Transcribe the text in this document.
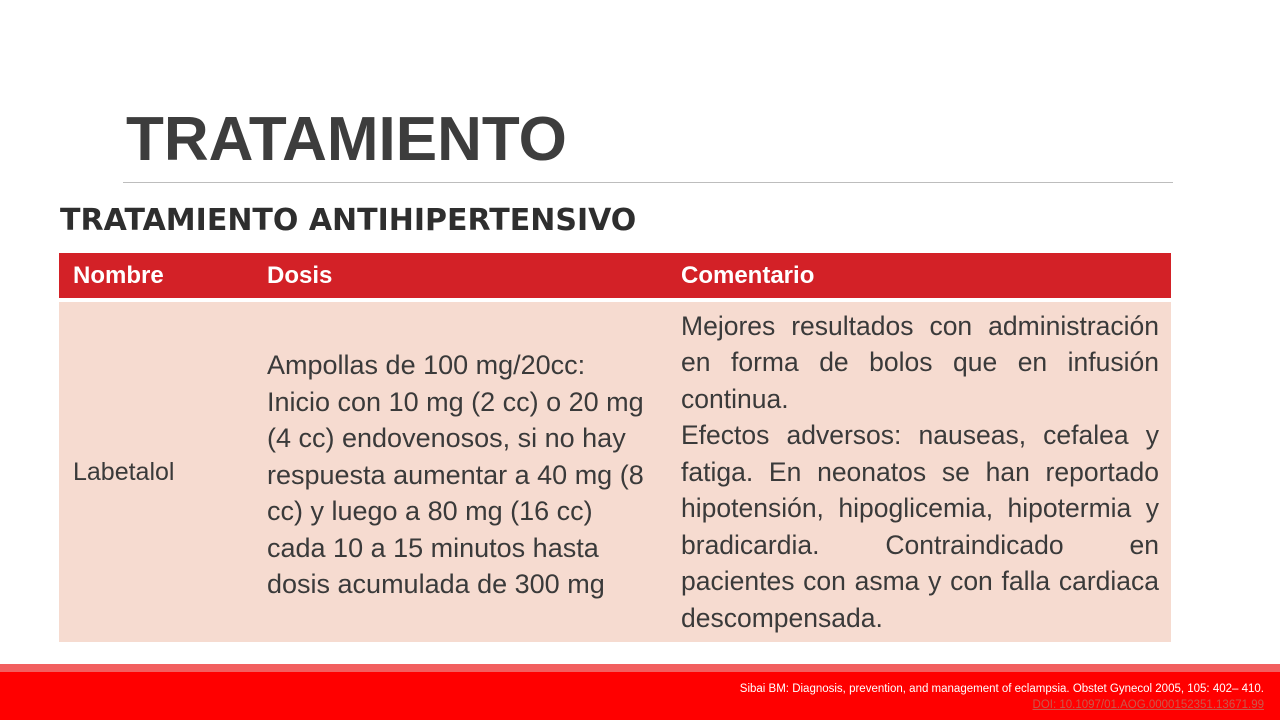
TRATAMIENTO
TRATAMIENTO ANTIHIPERTENSIVO
Nombre	Dosis	Comentario
Labetalol	Ampollas de 100 mg/20cc: Inicio con 10 mg (2 cc) o 20 mg (4 cc) endovenosos, si no hay respuesta aumentar a 40 mg (8 cc) y luego a 80 mg (16 cc) cada 10 a 15 minutos hasta dosis acumulada de 300 mg	Mejores resultados con administración en forma de bolos que en infusión continua.
Efectos adversos: nauseas, cefalea y fatiga. En neonatos se han reportado hipotensión, hipoglicemia, hipotermia y bradicardia. Contraindicado en pacientes con asma y con falla cardiaca descompensada.

Sibai BM: Diagnosis, prevention, and management of eclampsia. Obstet Gynecol 2005, 105: 402– 410.

DOI: 10.1097/01.AOG.0000152351.13671.99
